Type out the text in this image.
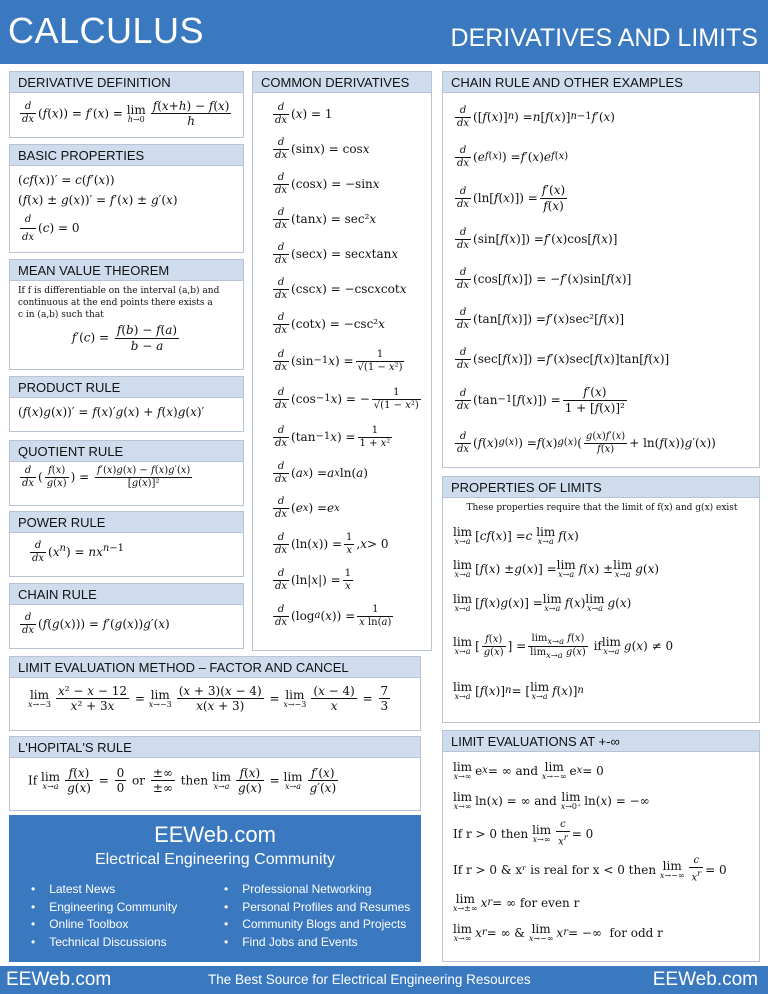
CALCULUS	DERIVATIVES AND LIMITS
DERIVATIVE DEFINITION
$\frac{d}{dx} (f(x)) = f'(x) = \lim$
$h\to 0 \frac{f(x+h) - f(x)}{h}$
BASIC PROPERTIES
(cf(x))′ = c(f′(x))
(f(x) ± g(x))′ = f′(x) ± g′(x)
$\frac{d}{dx} (c) = 0$
MEAN VALUE THEOREM
If f is differentiable on the interval (a,b) and
continuous at the end points there exists a
c in (a,b) such that
$f'(c) = \frac{f(b) - f(a)}{b - a}$
PRODUCT RULE
(f(x)g(x))′ = f(x)′g(x) + f(x)g(x)′
QUOTIENT RULE
$\frac{d}{dx}$ ( $\frac{f(x)}{g(x)}$ ) = $\frac{f'(x)g(x) - f(x)g'(x)}{\text{[g(x)]²}}$
POWER RULE
$\frac{d}{dx} (x^n) = nx^{n-1}$
CHAIN RULE
$\frac{d}{dx} (f(g(x))) = f'(g(x))g'(x)$
LIMIT EVALUATION METHOD – FACTOR AND CANCEL
lim
$x\to-3 \frac{\text{x² − x − 12}}{\text{x² + 3x}} = \lim$
$x\to-3 \frac{(x + 3)(x - 4)}{x(x + 3)} = \lim$
$x\to-3 \frac{(x - 4)}{x} = \frac{7}{3}$
L'HOPITAL'S RULE
If lim
$x\to a \frac{f(x)}{g(x)} = \frac{0}{0}$ or $\frac{\pm\infty}{\pm\infty}$ then lim
$x\to a \frac{f(x)}{g(x)} = \lim$
$x\to a \frac{f'(x)}{g'(x)}$
COMMON DERIVATIVES
$\frac{d}{dx}$ ( x ) = 1
$\frac{d}{dx} (\sin$ x ) = cos x
$\frac{d}{dx} (\cos$ x ) = −sin x
$\frac{d}{dx} (\tan$ x ) = sec² x
$\frac{d}{dx} (\sec$ x ) = sec x tan x
$\frac{d}{dx} (\csc$ x ) = −csc x cot x
$\frac{d}{dx} (\cot$ x ) = −csc² x
$\frac{d}{dx} (\sin -1$ x ) = $\frac{1}{\text{√(1 − x²)}}$
$\frac{d}{dx} (\cos -1$ x ) = − $\frac{1}{\text{√(1 − x²)}}$
$\frac{d}{dx} (\tan -1$ x ) = $\frac{1}{\text{1 + x²}}$
$\frac{d}{dx}$ ( a x ) = a x ln( a )
$\frac{d}{dx}$ ( e x ) = e x
$\frac{d}{dx} (\ln$( x )) = $\frac{1}{x}$ , x > 0
$\frac{d}{dx} (\ln|$ x |) = $\frac{1}{x}$
$\frac{d}{dx} (\log$ a ( x )) = $\frac{1}{\text{x ln(a)}}$
CHAIN RULE AND OTHER EXAMPLES
$\frac{d}{dx}$ ([ f ( x )] n ) = n [ f ( x )] n−1 f ′( x )
$\frac{d}{dx}$ ( e f(x) ) = f ′( x ) e f(x)
$\frac{d}{dx} (\ln$[ f ( x )]) = $\frac{f'(x)}{f(x)}$
$\frac{d}{dx} (\sin$[ f ( x )]) = f ′( x )cos[ f ( x )]
$\frac{d}{dx} (\cos$[ f ( x )]) = − f ′( x )sin[ f ( x )]
$\frac{d}{dx} (\tan$[ f ( x )]) = f ′( x )sec²[ f ( x )]
$\frac{d}{dx} (\sec$[ f ( x )]) = f ′( x )sec[ f ( x )]tan[ f ( x )]
$\frac{d}{dx} (\tan -1$ [ f ( x )]) = $\frac{f'(x)}{\text{1 + [f(x)]²}}$
$\frac{d}{dx}$ ( f ( x ) g(x) ) = f ( x ) g(x) ( $\frac{g(x)f'(x)}{f(x)} + \ln$( f ( x )) g ′( x ))
PROPERTIES OF LIMITS
These properties require that the limit of f(x) and g(x) exist
lim
x→a [ cf ( x )] = c
lim
x→a f ( x )
lim
x→a [ f ( x ) ± g ( x )] = lim
x→a f ( x ) ± lim
x→a g ( x )
lim
x→a [ f ( x ) g ( x )] = lim
x→a f ( x ) lim
x→a g ( x )
lim
x→a [ $\frac{f(x)}{g(x)}$ ] = $\frac{\lim_{x\to a} f(x)}{\lim_{x\to a} g(x)}$ if lim
x→a g ( x ) ≠ 0
lim
x→a [ f ( x )] n = [ lim
x→a f ( x )] n
LIMIT EVALUATIONS AT +-∞
lim
x→∞ e x = ∞ and
lim
x→−∞ e x = 0
lim
x→∞ ln( x ) = ∞ and
lim
x→0⁺ ln( x ) = −∞
If r > 0 then
lim
$x\to\infty \frac{c}{x^r} = 0$
If r > 0 & xʳ is real for x < 0 then
lim
$x\to-\infty \frac{c}{x^r} = 0$
lim
x→±∞ x r = ∞ for even r
lim
x→∞ x r = ∞ & lim
x→−∞ x r = −∞ for odd r
EEWeb.com
Electrical Engineering Community
• Latest News
• Engineering Community
• Online Toolbox
• Technical Discussions
• Professional Networking
• Personal Profiles and Resumes
• Community Blogs and Projects
• Find Jobs and Events
EEWeb.com	The Best Source for Electrical Engineering Resources	EEWeb.com
